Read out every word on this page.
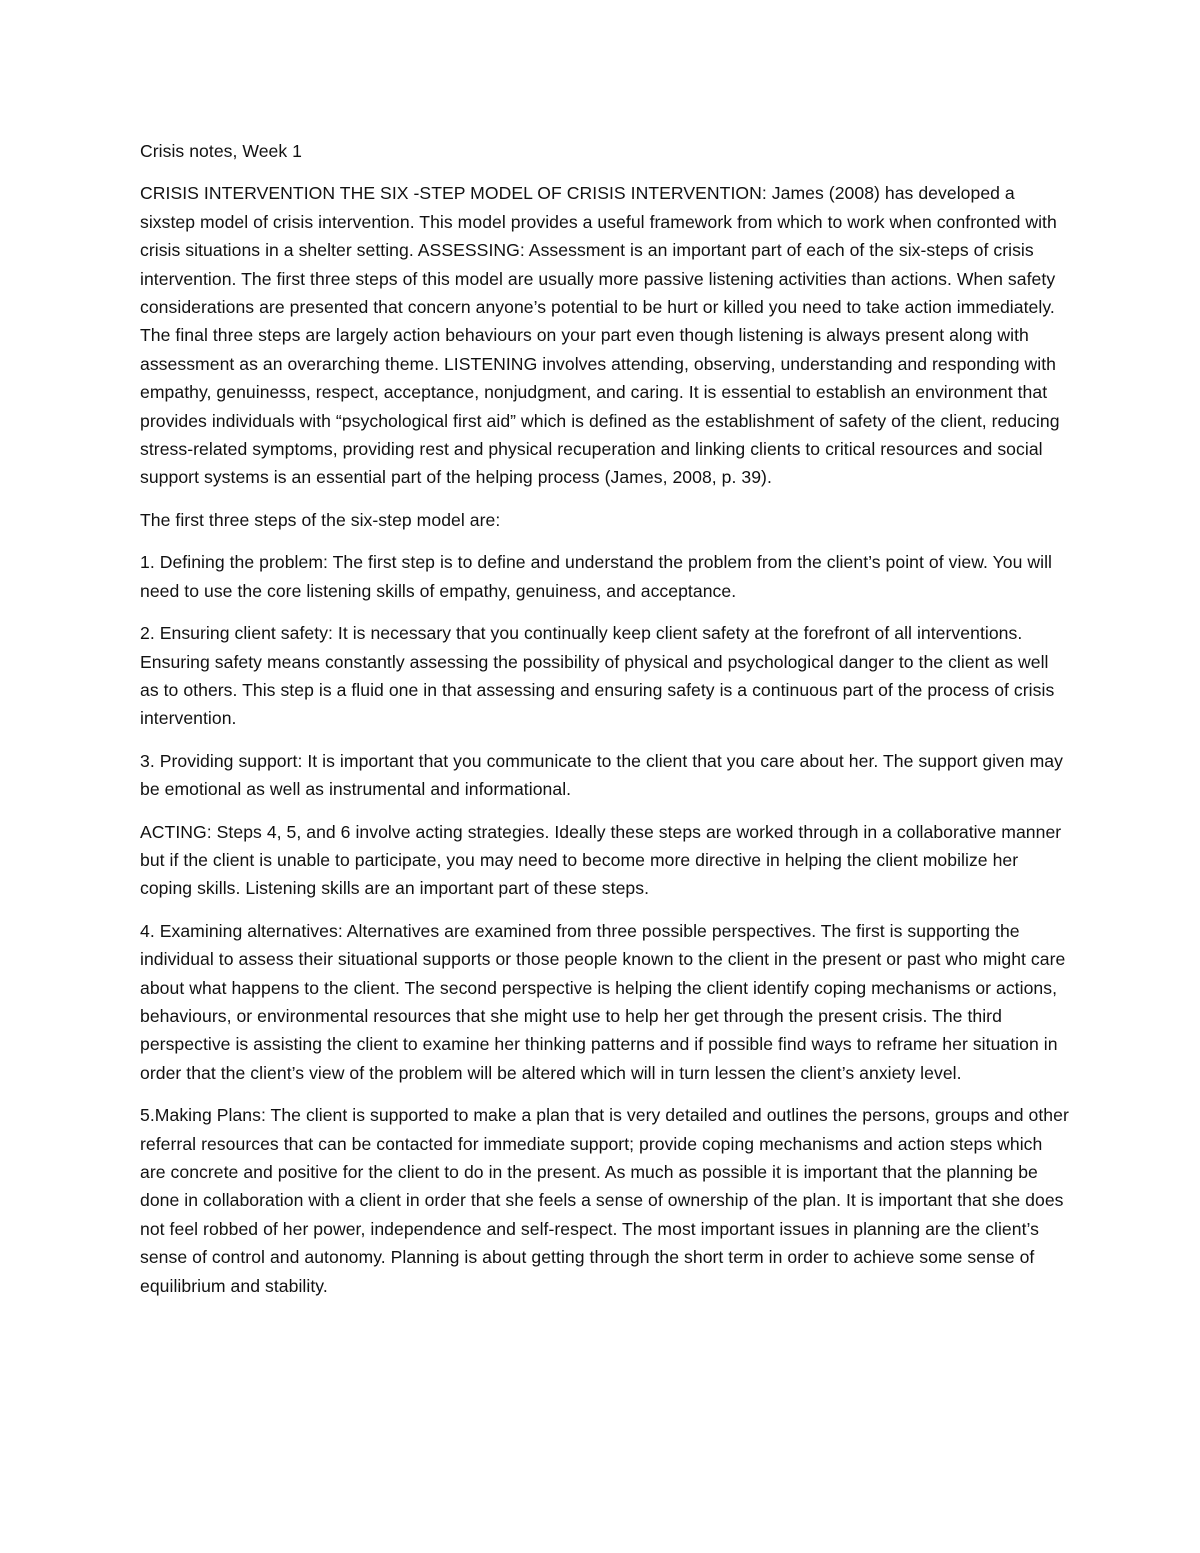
Crisis notes, Week 1

CRISIS INTERVENTION THE SIX -STEP MODEL OF CRISIS INTERVENTION: James (2008) has developed a sixstep model of crisis intervention. This model provides a useful framework from which to work when confronted with crisis situations in a shelter setting. ASSESSING: Assessment is an important part of each of the six-steps of crisis intervention. The first three steps of this model are usually more passive listening activities than actions. When safety considerations are presented that concern anyone’s potential to be hurt or killed you need to take action immediately. The final three steps are largely action behaviours on your part even though listening is always present along with assessment as an overarching theme. LISTENING involves attending, observing, understanding and responding with empathy, genuinesss, respect, acceptance, nonjudgment, and caring. It is essential to establish an environment that provides individuals with “psychological first aid” which is defined as the establishment of safety of the client, reducing stress-related symptoms, providing rest and physical recuperation and linking clients to critical resources and social support systems is an essential part of the helping process (James, 2008, p. 39).

The first three steps of the six-step model are:

1. Defining the problem: The first step is to define and understand the problem from the client’s point of view. You will need to use the core listening skills of empathy, genuiness, and acceptance.

2. Ensuring client safety: It is necessary that you continually keep client safety at the forefront of all interventions. Ensuring safety means constantly assessing the possibility of physical and psychological danger to the client as well as to others. This step is a fluid one in that assessing and ensuring safety is a continuous part of the process of crisis intervention.

3. Providing support: It is important that you communicate to the client that you care about her. The support given may be emotional as well as instrumental and informational.

ACTING: Steps 4, 5, and 6 involve acting strategies. Ideally these steps are worked through in a collaborative manner but if the client is unable to participate, you may need to become more directive in helping the client mobilize her coping skills. Listening skills are an important part of these steps.

4. Examining alternatives: Alternatives are examined from three possible perspectives. The first is supporting the individual to assess their situational supports or those people known to the client in the present or past who might care about what happens to the client. The second perspective is helping the client identify coping mechanisms or actions, behaviours, or environmental resources that she might use to help her get through the present crisis. The third perspective is assisting the client to examine her thinking patterns and if possible find ways to reframe her situation in order that the client’s view of the problem will be altered which will in turn lessen the client’s anxiety level.

5.Making Plans: The client is supported to make a plan that is very detailed and outlines the persons, groups and other referral resources that can be contacted for immediate support; provide coping mechanisms and action steps which are concrete and positive for the client to do in the present. As much as possible it is important that the planning be done in collaboration with a client in order that she feels a sense of ownership of the plan. It is important that she does not feel robbed of her power, independence and self-respect. The most important issues in planning are the client’s sense of control and autonomy. Planning is about getting through the short term in order to achieve some sense of equilibrium and stability.
